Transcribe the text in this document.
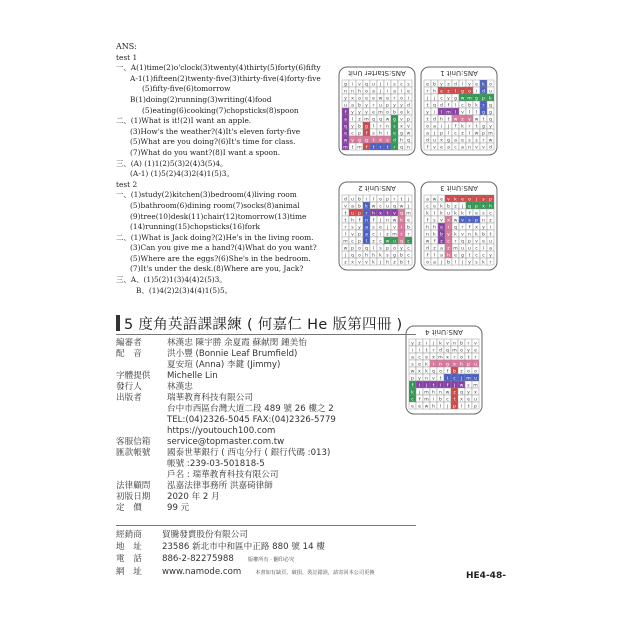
ANS:
test 1
一、A(1)time(2)o'clock(3)twenty(4)thirty(5)forty(6)fifty
A-1(1)fifteen(2)twenty-five(3)thirty-five(4)forty-five
(5)fifty-five(6)tomorrow
B(1)doing(2)running(3)writing(4)food
(5)eating(6)cooking(7)chopsticks(8)spoon
二、(1)What is it!(2)I want an apple.
(3)How's the weather?(4)It's eleven forty-five
(5)What are you doing?(6)It's time for class.
(7)What do you want?(8)I want a spoon.
三、(A) (1)1(2)5(3)2(4)3(5)4。
(A-1) (1)5(2)4(3)2(4)1(5)3。
test 2
一、(1)study(2)kitchen(3)bedroom(4)living room
(5)bathroom(6)dining room(7)socks(8)animal
(9)tree(10)desk(11)chair(12)tomorrow(13)time
(14)running(15)chopsticks(16)fork
二、(1)What is Jack doing?(2)He's in the living room.
(3)Can you give me a hand?(4)What do you want?
(5)Where are the eggs?(6)She's in the bedroom.
(7)It's under the desk.(8)Where are you, Jack?
三、A、(1)5(2)1(3)4(4)2(5)3。
B、(1)4(2)2(3)4(4)1(5)5。
ANS:Starter Unit
g i v q u j i s c s
n n h o a j i a l e
y x o e e w e r o i
u a b y r u p y y d
f y y y e m o b e k
a l z m q q w g v p
q y b g l r n s x v
e c p f s h i e g w
w y g g t x s d h q
m t m f t r t r q n
ANS:Unit 1
e b y z d l y e k o
r h e z l g o i d u
j j c y g w m g p k
t q d f l c b k r q
y i l m l v l l g g
t d h t w z y w t q
o a i j f k r t g y
a j p l c z l w p m
d u x g a e s s r w
f v e a c a n v v d
ANS:Unit 2
d u b i l o p r t j
v a b k w c u q w j
t u p r h x t v q m
t h f n f j n w k e
r s y a s e j v i b
l v p a c i z m r r
m c p l z c w u q c
w p o q l s p o y c
j q o h h k s g b c
z x v v k j h z b t
ANS:Unit 3
a w e v k e o j s p
c e k b z j q p x h
k l k u k k f e s c
f s v x w v s p n z
h h e i q r f x y i
n k b y k v n k b t
w f z c r q p v e u
d z a z m u u c l a
f l a h e g t c c y
o a j b l j y s k r
ANS:Unit 4
y z i j k v n b r v
i i t r d q m o y e
a c e x m x r o t r
s e k i n g x h p u
w x k q o f b z o o
p y n v t i c j m u
f i j t i f j w s m
k j m h n w z q y x
c f m i b c t x e u
e e w h l j p l t p
5 度角英語課課練 ( 何嘉仁 He 版第四冊 )
編審者	林漢忠 陳宇勝 余夏霞 蘇献閔 鍾美怡
配　音	洪小豐 (Bonnie Leaf Brumfield)
夏安瑄 (Anna) 李鍵 (Jimmy)
字體提供	Michelle Lin
發行人	林漢忠
出版者	瑞華教育科技有限公司
台中市西區台灣大道二段 489 號 26 樓之 2
TEL:(04)2326-5045 FAX:(04)2326-5779
https://youtouch100.com
客服信箱	service@topmaster.com.tw
匯款帳號	國泰世華銀行 ( 西屯分行 ( 銀行代碼 :013)
帳號 :239-03-501818-5
戶名 : 瑞華教育科技有限公司
法律顧問	泓嘉法律事務所 洪嘉碕律師
初版日期	2020 年 2 月
定　價	99 元
經銷商	貿騰發賣股份有限公司
地　址	23586 新北市中和區中正路 880 號 14 樓
電　話	886-2-82275988	版權所有 · 翻印必究
網　址	www.namode.com	本書如有缺頁、破損、裝訂錯誤，請寄回本公司更換	HE4-48-
